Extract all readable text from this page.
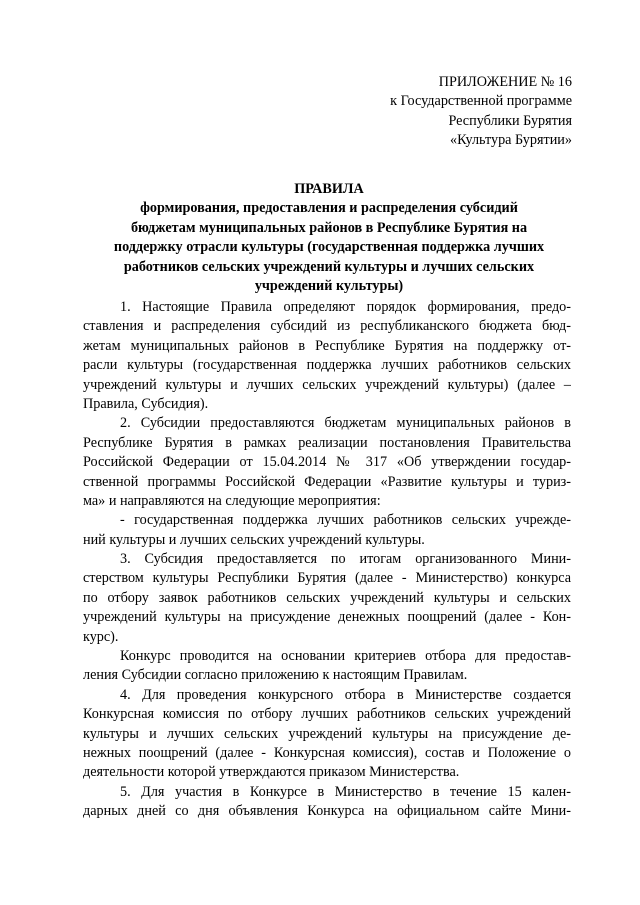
ПРИЛОЖЕНИЕ № 16
к Государственной программе
Республики Бурятия
«Культура Бурятии»
ПРАВИЛА
формирования, предоставления и распределения субсидий
бюджетам муниципальных районов в Республике Бурятия на
поддержку отрасли культуры (государственная поддержка лучших
работников сельских учреждений культуры и лучших сельских
учреждений культуры)
1. Настоящие Правила определяют порядок формирования, предо-
ставления и распределения субсидий из республиканского бюджета бюд-
жетам муниципальных районов в Республике Бурятия на поддержку от-
расли культуры (государственная поддержка лучших работников сельских
учреждений культуры и лучших сельских учреждений культуры) (далее –
Правила, Субсидия).
2. Субсидии предоставляются бюджетам муниципальных районов в
Республике Бурятия в рамках реализации постановления Правительства
Российской Федерации от 15.04.2014 № 317 «Об утверждении государ-
ственной программы Российской Федерации «Развитие культуры и туриз-
ма» и направляются на следующие мероприятия:
- государственная поддержка лучших работников сельских учрежде-
ний культуры и лучших сельских учреждений культуры.
3. Субсидия предоставляется по итогам организованного Мини-
стерством культуры Республики Бурятия (далее - Министерство) конкурса
по отбору заявок работников сельских учреждений культуры и сельских
учреждений культуры на присуждение денежных поощрений (далее - Кон-
курс).
Конкурс проводится на основании критериев отбора для предостав-
ления Субсидии согласно приложению к настоящим Правилам.
4. Для проведения конкурсного отбора в Министерстве создается
Конкурсная комиссия по отбору лучших работников сельских учреждений
культуры и лучших сельских учреждений культуры на присуждение де-
нежных поощрений (далее - Конкурсная комиссия), состав и Положение о
деятельности которой утверждаются приказом Министерства.
5. Для участия в Конкурсе в Министерство в течение 15 кален-
дарных дней со дня объявления Конкурса на официальном сайте Мини-
